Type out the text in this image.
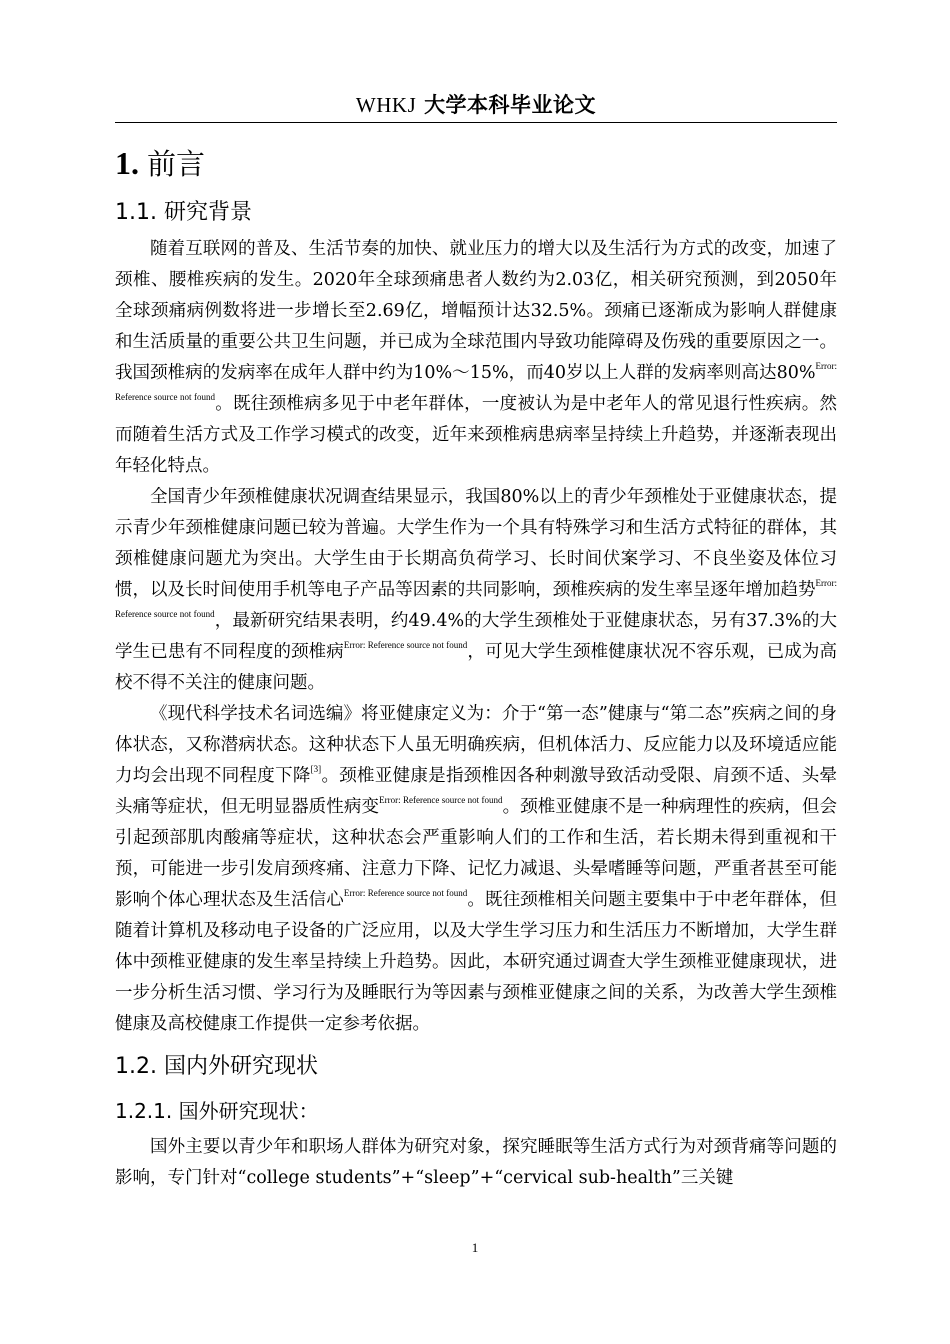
WHKJ 大学本科毕业论文
1. 前言
1.1. 研究背景

随着互联网的普及、生活节奏的加快、就业压力的增大以及生活行为方式的改变，加速了颈椎、腰椎疾病的发生。2020年全球颈痛患者人数约为2.03亿，相关研究预测，到2050年全球颈痛病例数将进一步增长至2.69亿，增幅预计达32.5%。颈痛已逐渐成为影响人群健康和生活质量的重要公共卫生问题，并已成为全球范围内导致功能障碍及伤残的重要原因之一。我国颈椎病的发病率在成年人群中约为10%～15%，而40岁以上人群的发病率则高达80%$^{Error: Reference source not found}$。既往颈椎病多见于中老年群体，一度被认为是中老年人的常见退行性疾病。然而随着生活方式及工作学习模式的改变，近年来颈椎病患病率呈持续上升趋势，并逐渐表现出年轻化特点。

全国青少年颈椎健康状况调查结果显示，我国80%以上的青少年颈椎处于亚健康状态，提示青少年颈椎健康问题已较为普遍。大学生作为一个具有特殊学习和生活方式特征的群体，其颈椎健康问题尤为突出。大学生由于长期高负荷学习、长时间伏案学习、不良坐姿及体位习惯，以及长时间使用手机等电子产品等因素的共同影响，颈椎疾病的发生率呈逐年增加趋势$^{Error: Reference source not found}$，最新研究结果表明，约49.4%的大学生颈椎处于亚健康状态，另有37.3%的大学生已患有不同程度的颈椎病$^{Error: Reference source not found}$，可见大学生颈椎健康状况不容乐观，已成为高校不得不关注的健康问题。

《现代科学技术名词选编》将亚健康定义为：介于“第一态”健康与“第二态”疾病之间的身体状态，又称潜病状态。这种状态下人虽无明确疾病，但机体活力、反应能力以及环境适应能力均会出现不同程度下降[3]。颈椎亚健康是指颈椎因各种刺激导致活动受限、肩颈不适、头晕头痛等症状，但无明显器质性病变$^{Error: Reference source not found}$。颈椎亚健康不是一种病理性的疾病，但会引起颈部肌肉酸痛等症状，这种状态会严重影响人们的工作和生活，若长期未得到重视和干预，可能进一步引发肩颈疼痛、注意力下降、记忆力减退、头晕嗜睡等问题，严重者甚至可能影响个体心理状态及生活信心$^{Error: Reference source not found}$。既往颈椎相关问题主要集中于中老年群体，但随着计算机及移动电子设备的广泛应用，以及大学生学习压力和生活压力不断增加，大学生群体中颈椎亚健康的发生率呈持续上升趋势。因此，本研究通过调查大学生颈椎亚健康现状，进一步分析生活习惯、学习行为及睡眠行为等因素与颈椎亚健康之间的关系，为改善大学生颈椎健康及高校健康工作提供一定参考依据。

1.2. 国内外研究现状
1.2.1. 国外研究现状：

国外主要以青少年和职场人群体为研究对象，探究睡眠等生活方式行为对颈背痛等问题的影响，专门针对“college students”+“sleep”+“cervical sub-health”三关键

1
